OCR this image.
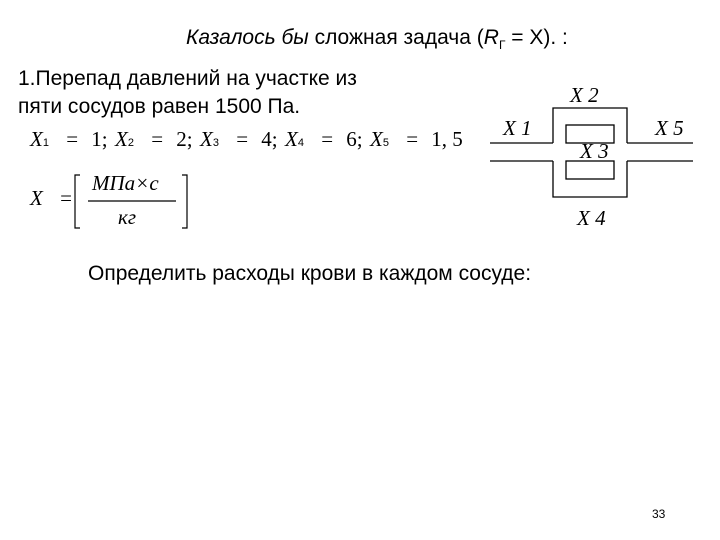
Казалось бы сложная задача $(R_Г = X)$. :
1.Перепад давлений на участке из
пяти сосудов равен 1500 Па.
X1 = 1; X2 = 2; X3 = 4; X4 = 6; X5 = 1, 5
X =
МПа×с
кг
X 2
X 1	X 5
X 3
X 4
Определить расходы крови в каждом сосуде:
33
